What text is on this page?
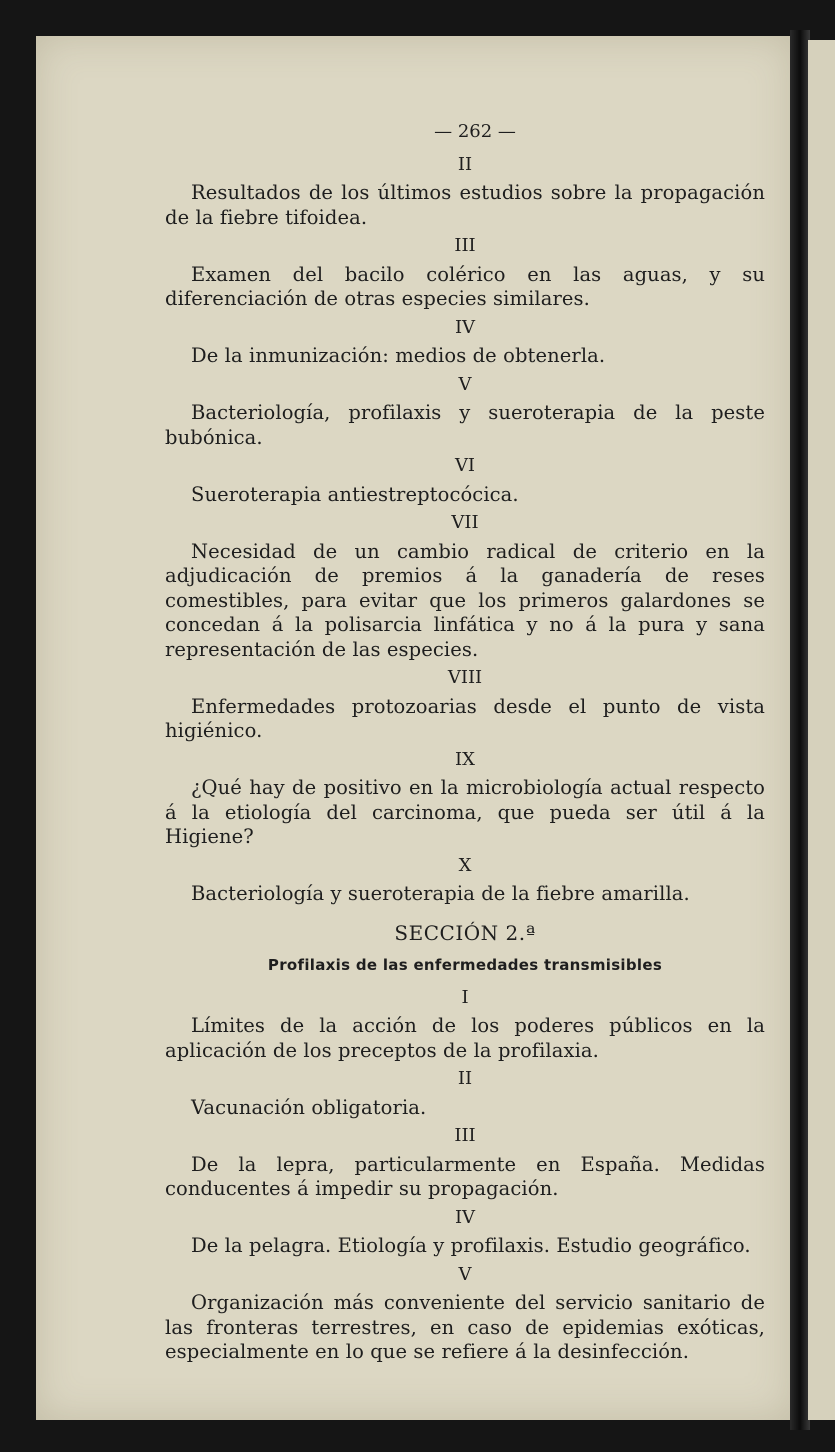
— 262 —
II
Resultados de los últimos estudios sobre la propagación de la fiebre tifoidea.
III
Examen del bacilo colérico en las aguas, y su diferenciación de otras especies similares.
IV
De la inmunización: medios de obtenerla.
V
Bacteriología, profilaxis y sueroterapia de la peste bubónica.
VI
Sueroterapia antiestreptocócica.
VII
Necesidad de un cambio radical de criterio en la adjudicación de premios á la ganadería de reses comestibles, para evitar que los primeros galardones se concedan á la polisarcia linfática y no á la pura y sana representación de las especies.
VIII
Enfermedades protozoarias desde el punto de vista higiénico.
IX
¿Qué hay de positivo en la microbiología actual respecto á la etiología del carcinoma, que pueda ser útil á la Higiene?
X
Bacteriología y sueroterapia de la fiebre amarilla.
SECCIÓN 2.ª
Profilaxis de las enfermedades transmisibles
I
Límites de la acción de los poderes públicos en la aplicación de los preceptos de la profilaxia.
II
Vacunación obligatoria.
III
De la lepra, particularmente en España. Medidas conducentes á impedir su propagación.
IV
De la pelagra. Etiología y profilaxis. Estudio geográfico.
V
Organización más conveniente del servicio sanitario de las fronteras terrestres, en caso de epidemias exóticas, especialmente en lo que se refiere á la desinfección.
